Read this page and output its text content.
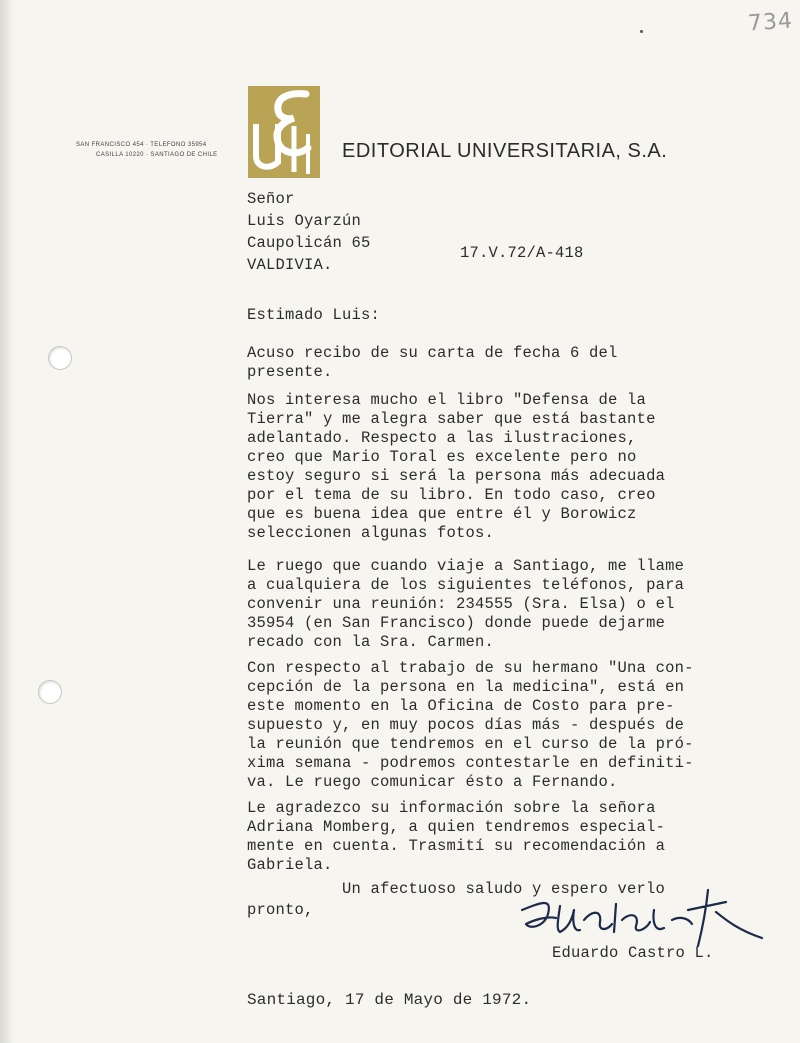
734
SAN FRANCISCO 454 · TELEFONO 35954
CASILLA 10220 · SANTIAGO DE CHILE	EDITORIAL UNIVERSITARIA, S.A.
Señor
Luis Oyarzún
Caupolicán 65
VALDIVIA.
17.V.72/A-418
Estimado Luis:
Acuso recibo de su carta de fecha 6 del
presente.
Nos interesa mucho el libro "Defensa de la
Tierra" y me alegra saber que está bastante
adelantado. Respecto a las ilustraciones,
creo que Mario Toral es excelente pero no
estoy seguro si será la persona más adecuada
por el tema de su libro. En todo caso, creo
que es buena idea que entre él y Borowicz
seleccionen algunas fotos.
Le ruego que cuando viaje a Santiago, me llame
a cualquiera de los siguientes teléfonos, para
convenir una reunión: 234555 (Sra. Elsa) o el
35954 (en San Francisco) donde puede dejarme
recado con la Sra. Carmen.
Con respecto al trabajo de su hermano "Una con-
cepción de la persona en la medicina", está en
este momento en la Oficina de Costo para pre-
supuesto y, en muy pocos días más - después de
la reunión que tendremos en el curso de la pró-
xima semana - podremos contestarle en definiti-
va. Le ruego comunicar ésto a Fernando.
Le agradezco su información sobre la señora
Adriana Momberg, a quien tendremos especial-
mente en cuenta. Trasmití su recomendación a
Gabriela.
Un afectuoso saludo y espero verlo
pronto,
Eduardo Castro L.
Santiago, 17 de Mayo de 1972.
